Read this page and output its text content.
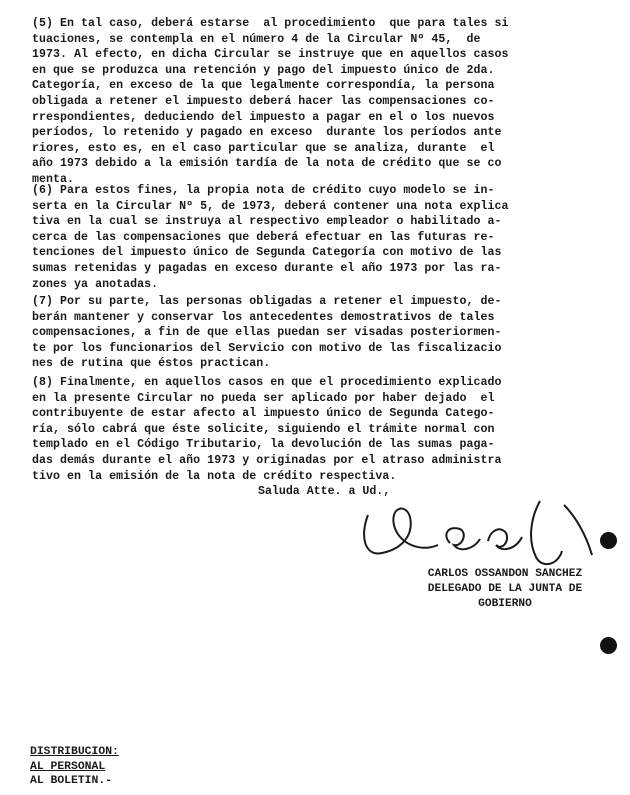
(5) En tal caso, deberá estarse  al procedimiento  que para tales si
tuaciones, se contempla en el número 4 de la Circular Nº 45,  de
1973. Al efecto, en dicha Circular se instruye que en aquellos casos
en que se produzca una retención y pago del impuesto único de 2da.
Categoría, en exceso de la que legalmente correspondía, la persona
obligada a retener el impuesto deberá hacer las compensaciones co-
rrespondientes, deduciendo del impuesto a pagar en el o los nuevos
períodos, lo retenido y pagado en exceso  durante los períodos ante
riores, esto es, en el caso particular que se analiza, durante  el
año 1973 debido a la emisión tardía de la nota de crédito que se co
menta.
(6) Para estos fines, la propia nota de crédito cuyo modelo se in-
serta en la Circular Nº 5, de 1973, deberá contener una nota explica
tiva en la cual se instruya al respectivo empleador o habilitado a-
cerca de las compensaciones que deberá efectuar en las futuras re-
tenciones del impuesto único de Segunda Categoría con motivo de las
sumas retenidas y pagadas en exceso durante el año 1973 por las ra-
zones ya anotadas.
(7) Por su parte, las personas obligadas a retener el impuesto, de-
berán mantener y conservar los antecedentes demostrativos de tales
compensaciones, a fin de que ellas puedan ser visadas posteriormen-
te por los funcionarios del Servicio con motivo de las fiscalizacio
nes de rutina que éstos practican.
(8) Finalmente, en aquellos casos en que el procedimiento explicado
en la presente Circular no pueda ser aplicado por haber dejado  el
contribuyente de estar afecto al impuesto único de Segunda Catego-
ría, sólo cabrá que éste solicite, siguiendo el trámite normal con
templado en el Código Tributario, la devolución de las sumas paga-
das demás durante el año 1973 y originadas por el atraso administra
tivo en la emisión de la nota de crédito respectiva.
Saluda Atte. a Ud.,
CARLOS OSSANDON SANCHEZ
DELEGADO DE LA JUNTA DE
GOBIERNO
DISTRIBUCION:
AL PERSONAL
AL BOLETIN.-
